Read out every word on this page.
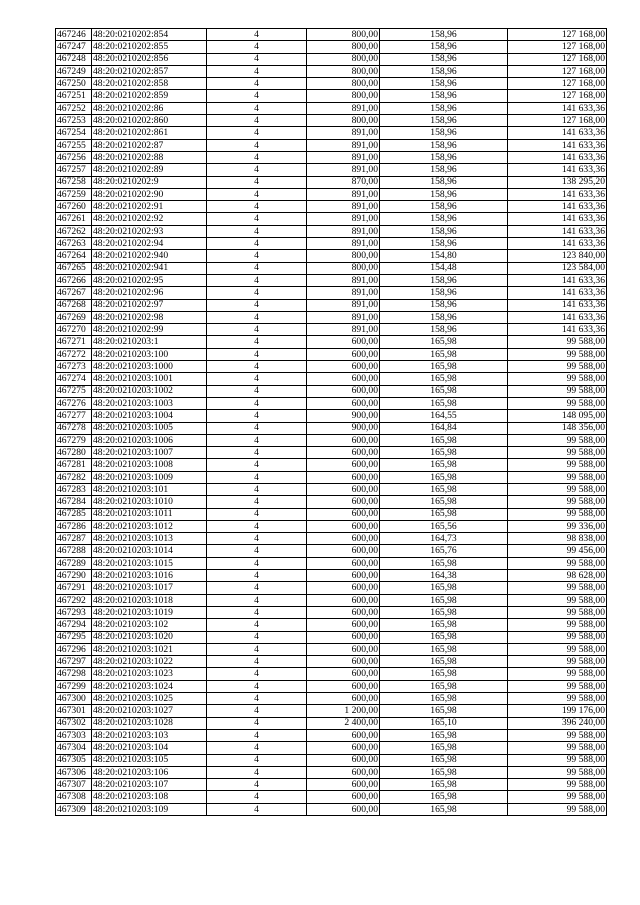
467246	48:20:0210202:854	4	800,00	158,96	127 168,00
467247	48:20:0210202:855	4	800,00	158,96	127 168,00
467248	48:20:0210202:856	4	800,00	158,96	127 168,00
467249	48:20:0210202:857	4	800,00	158,96	127 168,00
467250	48:20:0210202:858	4	800,00	158,96	127 168,00
467251	48:20:0210202:859	4	800,00	158,96	127 168,00
467252	48:20:0210202:86	4	891,00	158,96	141 633,36
467253	48:20:0210202:860	4	800,00	158,96	127 168,00
467254	48:20:0210202:861	4	891,00	158,96	141 633,36
467255	48:20:0210202:87	4	891,00	158,96	141 633,36
467256	48:20:0210202:88	4	891,00	158,96	141 633,36
467257	48:20:0210202:89	4	891,00	158,96	141 633,36
467258	48:20:0210202:9	4	870,00	158,96	138 295,20
467259	48:20:0210202:90	4	891,00	158,96	141 633,36
467260	48:20:0210202:91	4	891,00	158,96	141 633,36
467261	48:20:0210202:92	4	891,00	158,96	141 633,36
467262	48:20:0210202:93	4	891,00	158,96	141 633,36
467263	48:20:0210202:94	4	891,00	158,96	141 633,36
467264	48:20:0210202:940	4	800,00	154,80	123 840,00
467265	48:20:0210202:941	4	800,00	154,48	123 584,00
467266	48:20:0210202:95	4	891,00	158,96	141 633,36
467267	48:20:0210202:96	4	891,00	158,96	141 633,36
467268	48:20:0210202:97	4	891,00	158,96	141 633,36
467269	48:20:0210202:98	4	891,00	158,96	141 633,36
467270	48:20:0210202:99	4	891,00	158,96	141 633,36
467271	48:20:0210203:1	4	600,00	165,98	99 588,00
467272	48:20:0210203:100	4	600,00	165,98	99 588,00
467273	48:20:0210203:1000	4	600,00	165,98	99 588,00
467274	48:20:0210203:1001	4	600,00	165,98	99 588,00
467275	48:20:0210203:1002	4	600,00	165,98	99 588,00
467276	48:20:0210203:1003	4	600,00	165,98	99 588,00
467277	48:20:0210203:1004	4	900,00	164,55	148 095,00
467278	48:20:0210203:1005	4	900,00	164,84	148 356,00
467279	48:20:0210203:1006	4	600,00	165,98	99 588,00
467280	48:20:0210203:1007	4	600,00	165,98	99 588,00
467281	48:20:0210203:1008	4	600,00	165,98	99 588,00
467282	48:20:0210203:1009	4	600,00	165,98	99 588,00
467283	48:20:0210203:101	4	600,00	165,98	99 588,00
467284	48:20:0210203:1010	4	600,00	165,98	99 588,00
467285	48:20:0210203:1011	4	600,00	165,98	99 588,00
467286	48:20:0210203:1012	4	600,00	165,56	99 336,00
467287	48:20:0210203:1013	4	600,00	164,73	98 838,00
467288	48:20:0210203:1014	4	600,00	165,76	99 456,00
467289	48:20:0210203:1015	4	600,00	165,98	99 588,00
467290	48:20:0210203:1016	4	600,00	164,38	98 628,00
467291	48:20:0210203:1017	4	600,00	165,98	99 588,00
467292	48:20:0210203:1018	4	600,00	165,98	99 588,00
467293	48:20:0210203:1019	4	600,00	165,98	99 588,00
467294	48:20:0210203:102	4	600,00	165,98	99 588,00
467295	48:20:0210203:1020	4	600,00	165,98	99 588,00
467296	48:20:0210203:1021	4	600,00	165,98	99 588,00
467297	48:20:0210203:1022	4	600,00	165,98	99 588,00
467298	48:20:0210203:1023	4	600,00	165,98	99 588,00
467299	48:20:0210203:1024	4	600,00	165,98	99 588,00
467300	48:20:0210203:1025	4	600,00	165,98	99 588,00
467301	48:20:0210203:1027	4	1 200,00	165,98	199 176,00
467302	48:20:0210203:1028	4	2 400,00	165,10	396 240,00
467303	48:20:0210203:103	4	600,00	165,98	99 588,00
467304	48:20:0210203:104	4	600,00	165,98	99 588,00
467305	48:20:0210203:105	4	600,00	165,98	99 588,00
467306	48:20:0210203:106	4	600,00	165,98	99 588,00
467307	48:20:0210203:107	4	600,00	165,98	99 588,00
467308	48:20:0210203:108	4	600,00	165,98	99 588,00
467309	48:20:0210203:109	4	600,00	165,98	99 588,00
